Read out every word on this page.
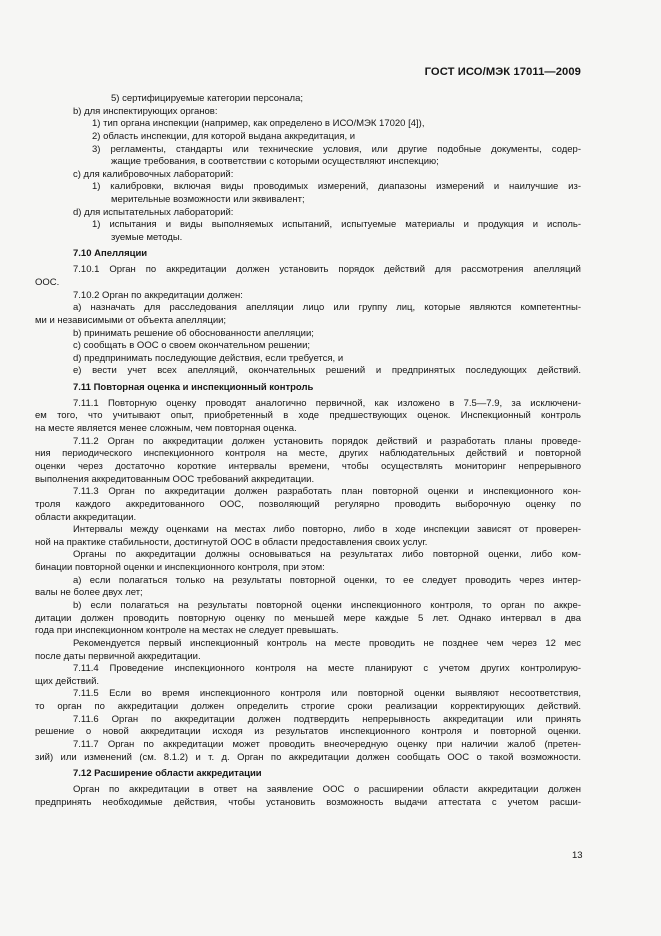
ГОСТ ИСО/МЭК 17011—2009
5) сертифицируемые категории персонала;
b) для инспектирующих органов:
1) тип органа инспекции (например, как определено в ИСО/МЭК 17020 [4]),
2) область инспекции, для которой выдана аккредитация, и
3) регламенты, стандарты или технические условия, или другие подобные документы, содер-
жащие требования, в соответствии с которыми осуществляют инспекцию;
c) для калибровочных лабораторий:
1) калибровки, включая виды проводимых измерений, диапазоны измерений и наилучшие из-
мерительные возможности или эквивалент;
d) для испытательных лабораторий:
1) испытания и виды выполняемых испытаний, испытуемые материалы и продукция и исполь-
зуемые методы.
7.10 Апелляции
7.10.1 Орган по аккредитации должен установить порядок действий для рассмотрения апелляций
ООС.
7.10.2 Орган по аккредитации должен:
a) назначать для расследования апелляции лицо или группу лиц, которые являются компетентны-
ми и независимыми от объекта апелляции;
b) принимать решение об обоснованности апелляции;
c) сообщать в ООС о своем окончательном решении;
d) предпринимать последующие действия, если требуется, и
e) вести учет всех апелляций, окончательных решений и предпринятых последующих действий.
7.11 Повторная оценка и инспекционный контроль
7.11.1 Повторную оценку проводят аналогично первичной, как изложено в 7.5—7.9, за исключени-
ем того, что учитывают опыт, приобретенный в ходе предшествующих оценок. Инспекционный контроль
на месте является менее сложным, чем повторная оценка.
7.11.2 Орган по аккредитации должен установить порядок действий и разработать планы проведе-
ния периодического инспекционного контроля на месте, других наблюдательных действий и повторной
оценки через достаточно короткие интервалы времени, чтобы осуществлять мониторинг непрерывного
выполнения аккредитованным ООС требований аккредитации.
7.11.3 Орган по аккредитации должен разработать план повторной оценки и инспекционного кон-
троля каждого аккредитованного ООС, позволяющий регулярно проводить выборочную оценку по
области аккредитации.
Интервалы между оценками на местах либо повторно, либо в ходе инспекции зависят от проверен-
ной на практике стабильности, достигнутой ООС в области предоставления своих услуг.
Органы по аккредитации должны основываться на результатах либо повторной оценки, либо ком-
бинации повторной оценки и инспекционного контроля, при этом:
a) если полагаться только на результаты повторной оценки, то ее следует проводить через интер-
валы не более двух лет;
b) если полагаться на результаты повторной оценки инспекционного контроля, то орган по аккре-
дитации должен проводить повторную оценку по меньшей мере каждые 5 лет. Однако интервал в два
года при инспекционном контроле на местах не следует превышать.
Рекомендуется первый инспекционный контроль на месте проводить не позднее чем через 12 мес
после даты первичной аккредитации.
7.11.4 Проведение инспекционного контроля на месте планируют с учетом других контролирую-
щих действий.
7.11.5 Если во время инспекционного контроля или повторной оценки выявляют несоответствия,
то орган по аккредитации должен определить строгие сроки реализации корректирующих действий.
7.11.6 Орган по аккредитации должен подтвердить непрерывность аккредитации или принять
решение о новой аккредитации исходя из результатов инспекционного контроля и повторной оценки.
7.11.7 Орган по аккредитации может проводить внеочередную оценку при наличии жалоб (претен-
зий) или изменений (см. 8.1.2) и т. д. Орган по аккредитации должен сообщать ООС о такой возможности.
7.12 Расширение области аккредитации
Орган по аккредитации в ответ на заявление ООС о расширении области аккредитации должен
предпринять необходимые действия, чтобы установить возможность выдачи аттестата с учетом расши-
13
